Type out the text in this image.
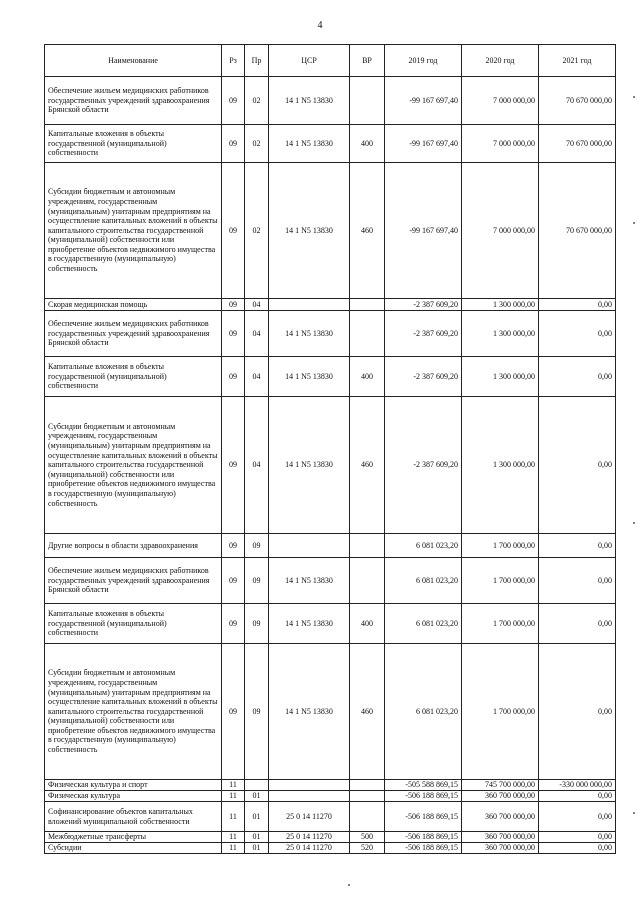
4
Наименование	Рз	Пр	ЦСР	ВР	2019 год	2020 год	2021 год
Обеспечение жильем медицинских работников государственных учреждений здравоохранения Брянской области	09	02	14 1 N5 13830		-99 167 697,40	7 000 000,00	70 670 000,00
Капитальные вложения в объекты государственной (муниципальной) собственности	09	02	14 1 N5 13830	400	-99 167 697,40	7 000 000,00	70 670 000,00
Субсидии бюджетным и автономным учреждениям, государственным (муниципальным) унитарным предприятиям на осуществление капитальных вложений в объекты капитального строительства государственной (муниципальной) собственности или приобретение объектов недвижимого имущества в государственную (муниципальную) собственность	09	02	14 1 N5 13830	460	-99 167 697,40	7 000 000,00	70 670 000,00
Скорая медицинская помощь	09	04			-2 387 609,20	1 300 000,00	0,00
Обеспечение жильем медицинских работников государственных учреждений здравоохранения Брянской области	09	04	14 1 N5 13830		-2 387 609,20	1 300 000,00	0,00
Капитальные вложения в объекты государственной (муниципальной) собственности	09	04	14 1 N5 13830	400	-2 387 609,20	1 300 000,00	0,00
Субсидии бюджетным и автономным учреждениям, государственным (муниципальным) унитарным предприятиям на осуществление капитальных вложений в объекты капитального строительства государственной (муниципальной) собственности или приобретение объектов недвижимого имущества в государственную (муниципальную) собственность	09	04	14 1 N5 13830	460	-2 387 609,20	1 300 000,00	0,00
Другие вопросы в области здравоохранения	09	09			6 081 023,20	1 700 000,00	0,00
Обеспечение жильем медицинских работников государственных учреждений здравоохранения Брянской области	09	09	14 1 N5 13830		6 081 023,20	1 700 000,00	0,00
Капитальные вложения в объекты государственной (муниципальной) собственности	09	09	14 1 N5 13830	400	6 081 023,20	1 700 000,00	0,00
Субсидии бюджетным и автономным учреждениям, государственным (муниципальным) унитарным предприятиям на осуществление капитальных вложений в объекты капитального строительства государственной (муниципальной) собственности или приобретение объектов недвижимого имущества в государственную (муниципальную) собственность	09	09	14 1 N5 13830	460	6 081 023,20	1 700 000,00	0,00
Физическая культура и спорт	11				-505 588 869,15	745 700 000,00	-330 000 000,00
Физическая культура	11	01			-506 188 869,15	360 700 000,00	0,00
Софинансирование объектов капитальных вложений муниципальной собственности	11	01	25 0 14 11270		-506 188 869,15	360 700 000,00	0,00
Межбюджетные трансферты	11	01	25 0 14 11270	500	-506 188 869,15	360 700 000,00	0,00
Субсидии	11	01	25 0 14 11270	520	-506 188 869,15	360 700 000,00	0,00
